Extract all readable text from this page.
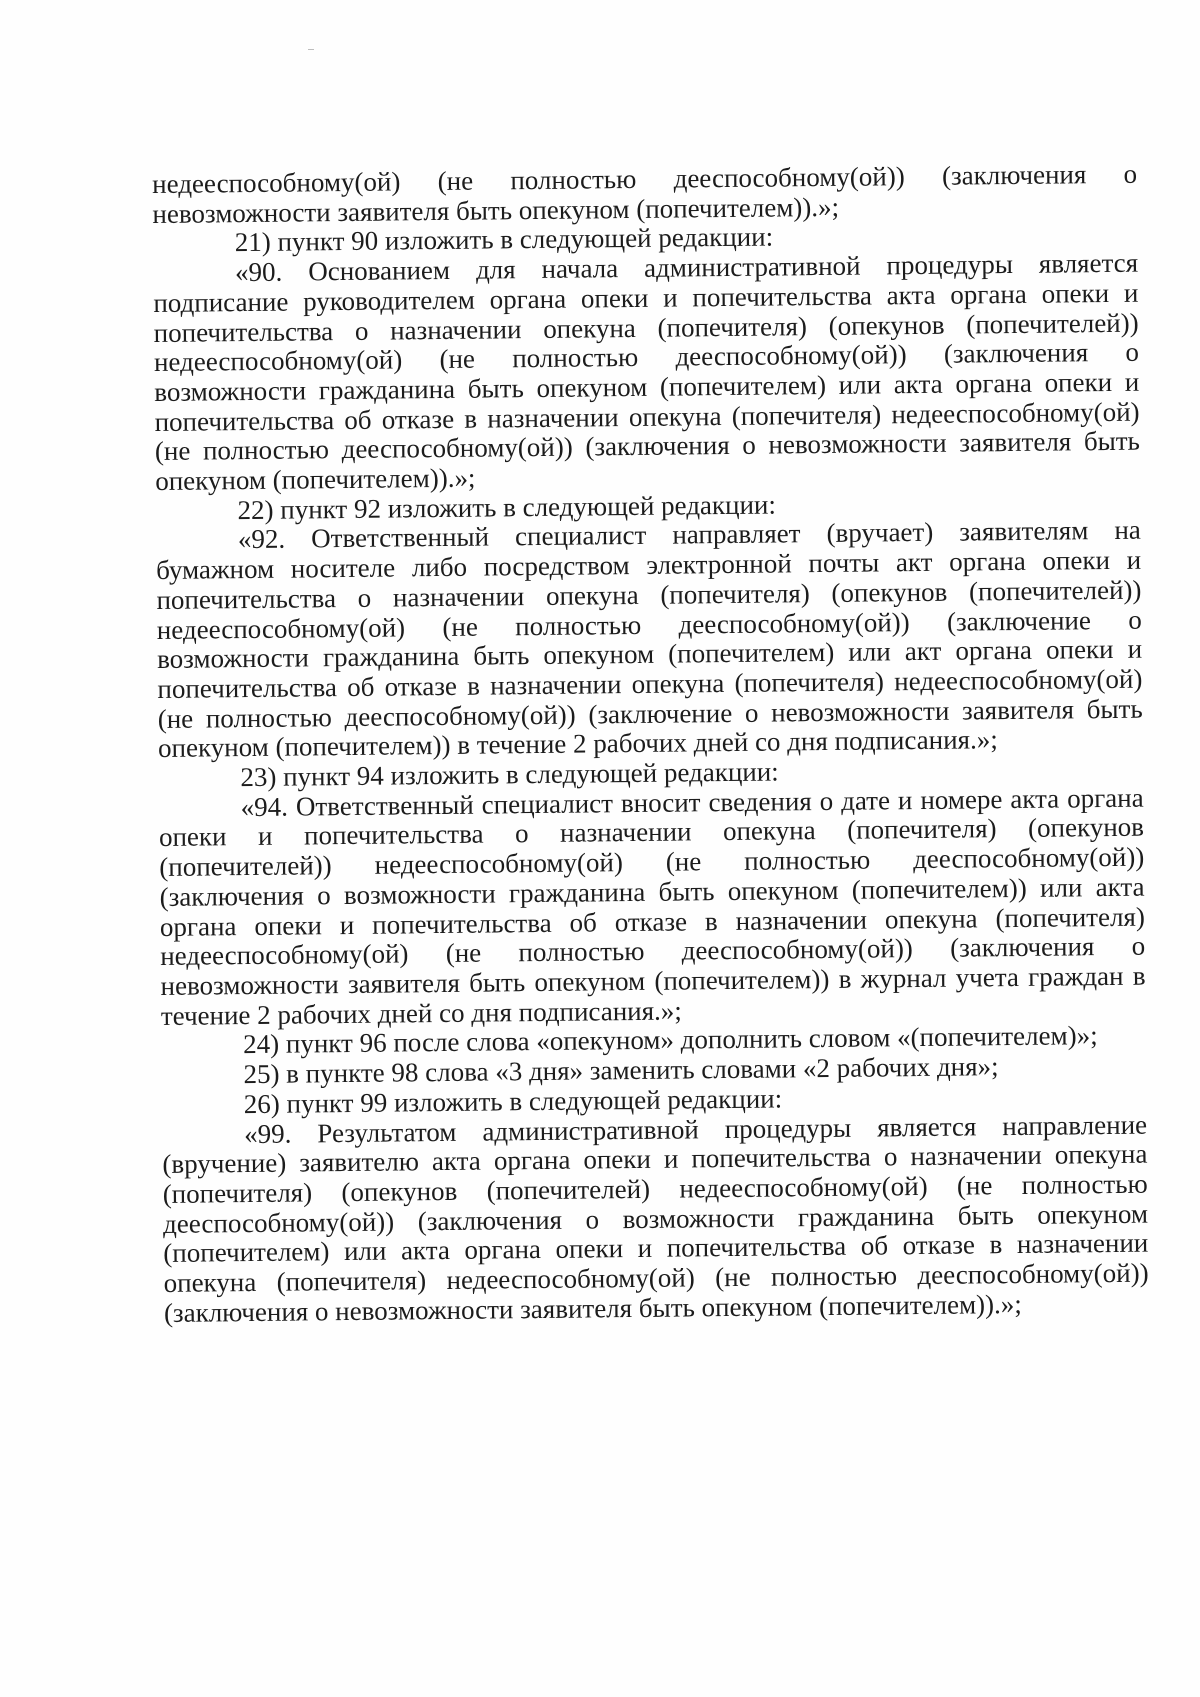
недееспособному(ой) (не полностью дееспособному(ой)) (заключения о невозможности заявителя быть опекуном (попечителем)).»;

21) пункт 90 изложить в следующей редакции:

«90. Основанием для начала административной процедуры является подписание руководителем органа опеки и попечительства акта органа опеки и попечительства о назначении опекуна (попечителя) (опекунов (попечителей)) недееспособному(ой) (не полностью дееспособному(ой)) (заключения о возможности гражданина быть опекуном (попечителем) или акта органа опеки и попечительства об отказе в назначении опекуна (попечителя) недееспособному(ой) (не полностью дееспособному(ой)) (заключения о невозможности заявителя быть опекуном (попечителем)).»;

22) пункт 92 изложить в следующей редакции:

«92. Ответственный специалист направляет (вручает) заявителям на бумажном носителе либо посредством электронной почты акт органа опеки и попечительства о назначении опекуна (попечителя) (опекунов (попечителей)) недееспособному(ой) (не полностью дееспособному(ой)) (заключение о возможности гражданина быть опекуном (попечителем) или акт органа опеки и попечительства об отказе в назначении опекуна (попечителя) недееспособному(ой) (не полностью дееспособному(ой)) (заключение о невозможности заявителя быть опекуном (попечителем)) в течение 2 рабочих дней со дня подписания.»;

23) пункт 94 изложить в следующей редакции:

«94. Ответственный специалист вносит сведения о дате и номере акта органа опеки и попечительства о назначении опекуна (попечителя) (опекунов (попечителей)) недееспособному(ой) (не полностью дееспособному(ой)) (заключения о возможности гражданина быть опекуном (попечителем)) или акта органа опеки и попечительства об отказе в назначении опекуна (попечителя) недееспособному(ой) (не полностью дееспособному(ой)) (заключения о невозможности заявителя быть опекуном (попечителем)) в журнал учета граждан в течение 2 рабочих дней со дня подписания.»;

24) пункт 96 после слова «опекуном» дополнить словом «(попечителем)»;

25) в пункте 98 слова «3 дня» заменить словами «2 рабочих дня»;

26) пункт 99 изложить в следующей редакции:

«99. Результатом административной процедуры является направление (вручение) заявителю акта органа опеки и попечительства о назначении опекуна (попечителя) (опекунов (попечителей) недееспособному(ой) (не полностью дееспособному(ой)) (заключения о возможности гражданина быть опекуном (попечителем) или акта органа опеки и попечительства об отказе в назначении опекуна (попечителя) недееспособному(ой) (не полностью дееспособному(ой)) (заключения о невозможности заявителя быть опекуном (попечителем)).»;
